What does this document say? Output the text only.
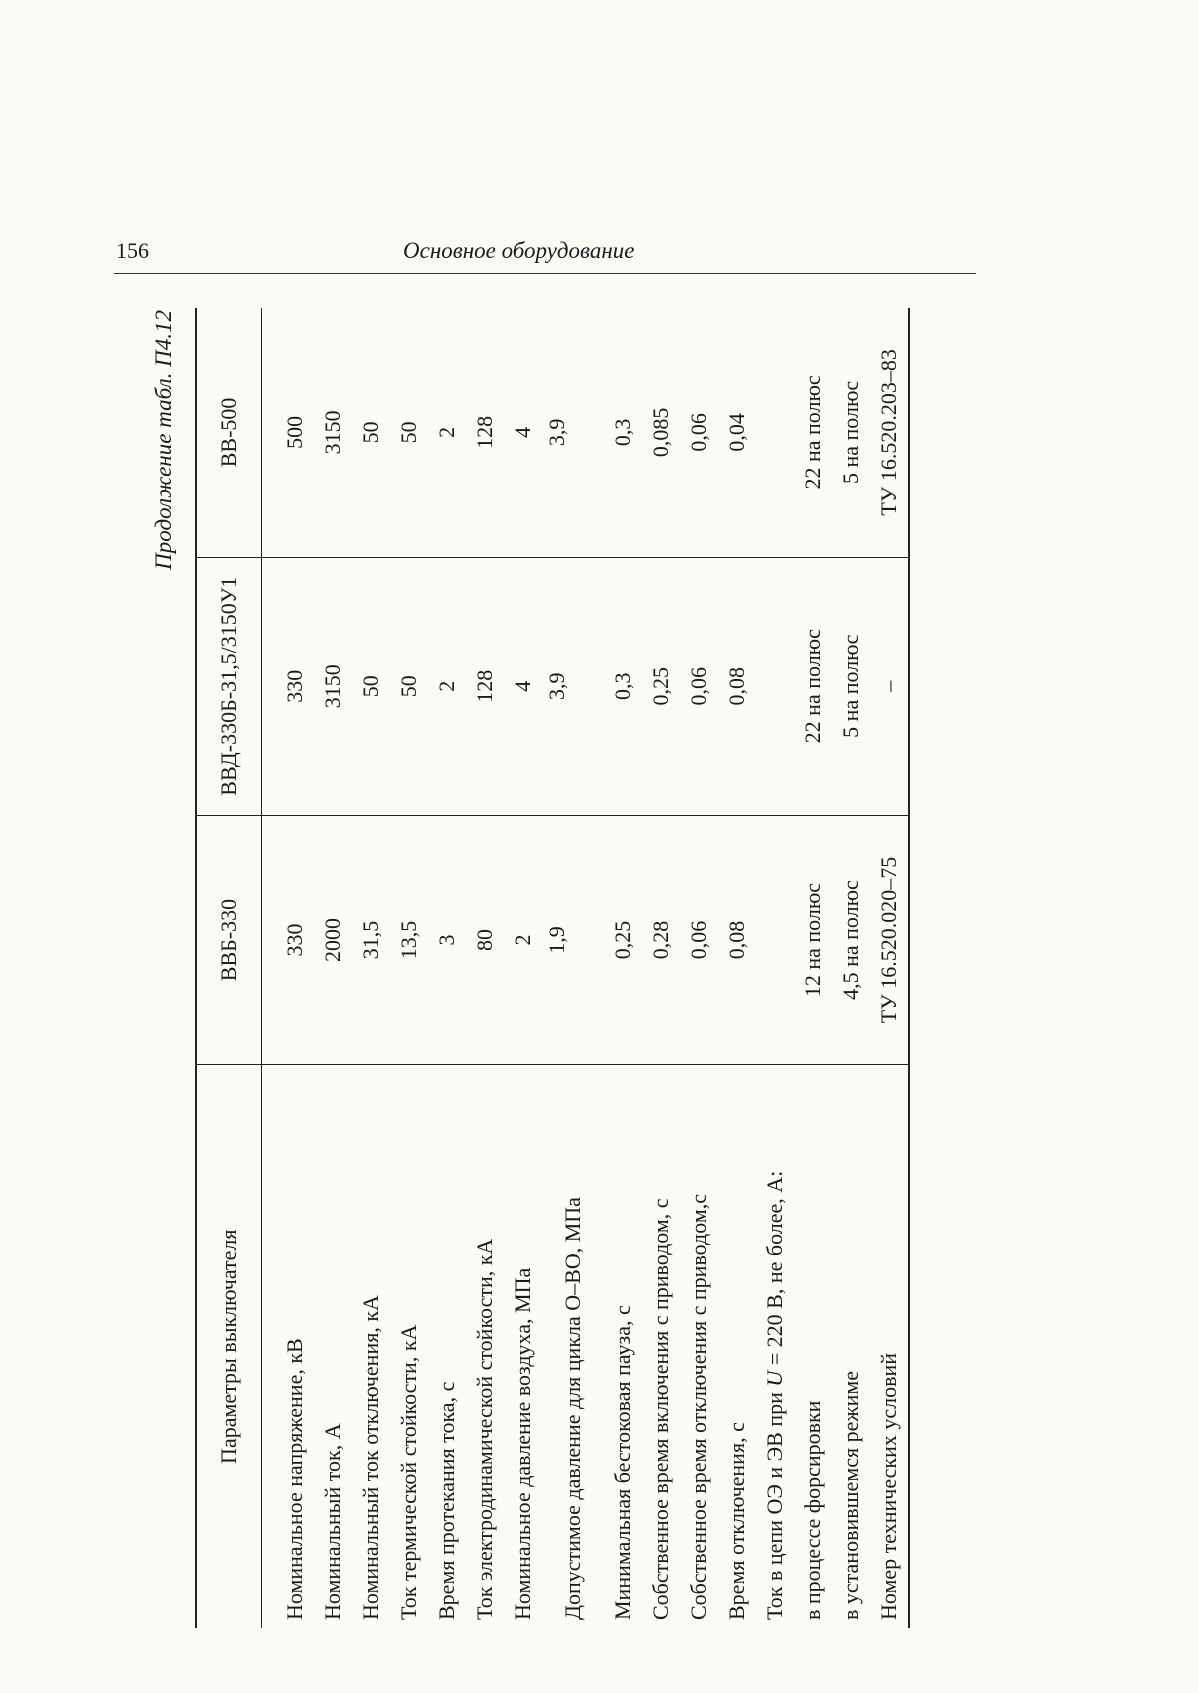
156	Основное оборудование
Продолжение табл. П4.12
Параметры выключателя	ВВБ-330	ВВД-330Б-31,5/3150У1	ВВ-500
Номинальное напряжение, кВ	330	330	500
Номинальный ток, А	2000	3150	3150
Номинальный ток отключения, кА	31,5	50	50
Ток термической стойкости, кА	13,5	50	50
Время протекания тока, с	3	2	2
Ток электродинамической стойкости, кА	80	128	128
Номинальное давление воздуха, МПа	2	4	4
Допустимое давление для цикла О–ВО, МПа	1,9	3,9	3,9
Минимальная бестоковая пауза, с	0,25	0,3	0,3
Собственное время включения с приводом, с	0,28	0,25	0,085
Собственное время отключения с приводом,с	0,06	0,06	0,06
Время отключения, с	0,08	0,08	0,04
Ток в цепи ОЭ и ЭВ при U = 220 В, не более, А:			
в процессе форсировки	12 на полюс	22 на полюс	22 на полюс
в установившемся режиме	4,5 на полюс	5 на полюс	5 на полюс
Номер технических условий	ТУ 16.520.020–75	–	ТУ 16.520.203–83
